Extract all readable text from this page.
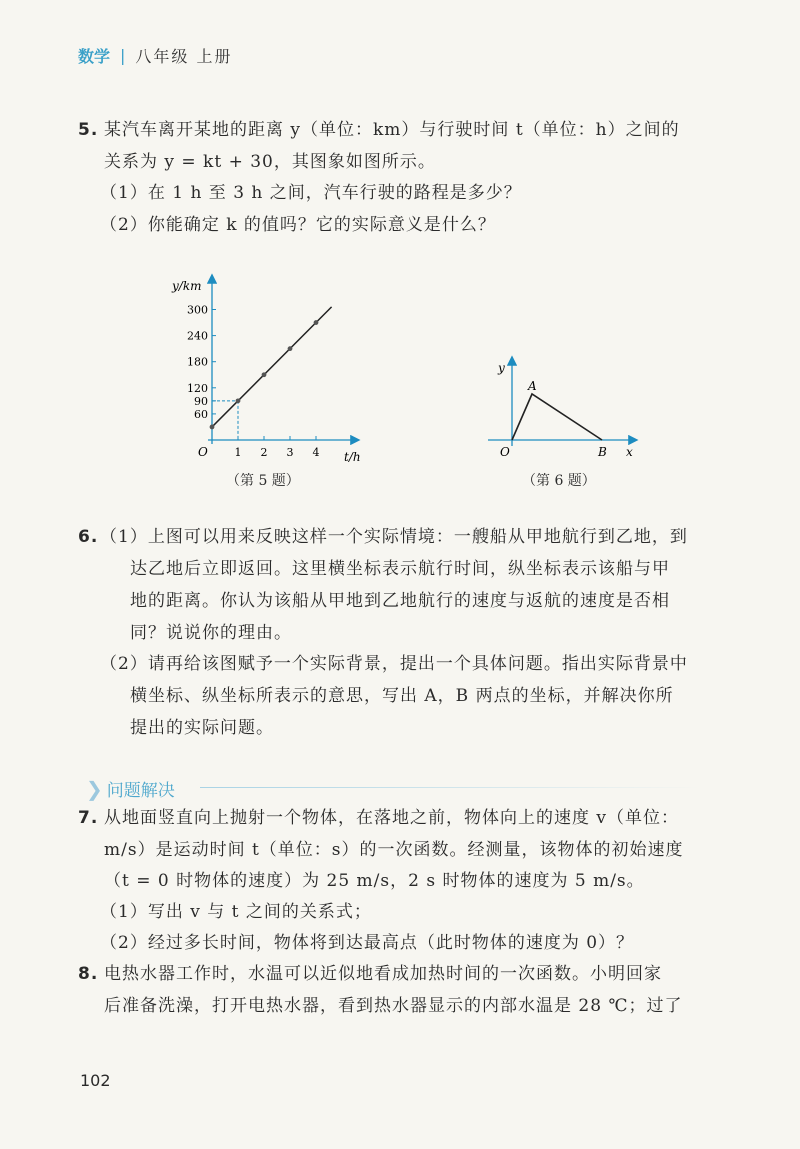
数学 | 八年级 上册
5. 某汽车离开某地的距离 y（单位：km）与行驶时间 t（单位：h）之间的
关系为 y = kt + 30，其图象如图所示。
（1）在 1 h 至 3 h 之间，汽车行驶的路程是多少？
（2）你能确定 k 的值吗？它的实际意义是什么？
60
90
120
180
240
300
1 2 3 4
y/km
t/h
O
（第 5 题）
y
A
O	B x
（第 6 题）
6. （1）上图可以用来反映这样一个实际情境：一艘船从甲地航行到乙地，到
达乙地后立即返回。这里横坐标表示航行时间，纵坐标表示该船与甲
地的距离。你认为该船从甲地到乙地航行的速度与返航的速度是否相
同？说说你的理由。
（2）请再给该图赋予一个实际背景，提出一个具体问题。指出实际背景中
横坐标、纵坐标所表示的意思，写出 A，B 两点的坐标，并解决你所
提出的实际问题。
❯ 问题解决
7. 从地面竖直向上抛射一个物体，在落地之前，物体向上的速度 v（单位：
m/s）是运动时间 t（单位：s）的一次函数。经测量，该物体的初始速度
（t = 0 时物体的速度）为 25 m/s，2 s 时物体的速度为 5 m/s。
（1）写出 v 与 t 之间的关系式；
（2）经过多长时间，物体将到达最高点（此时物体的速度为 0）？
8. 电热水器工作时，水温可以近似地看成加热时间的一次函数。小明回家
后准备洗澡，打开电热水器，看到热水器显示的内部水温是 28 ℃；过了
102
